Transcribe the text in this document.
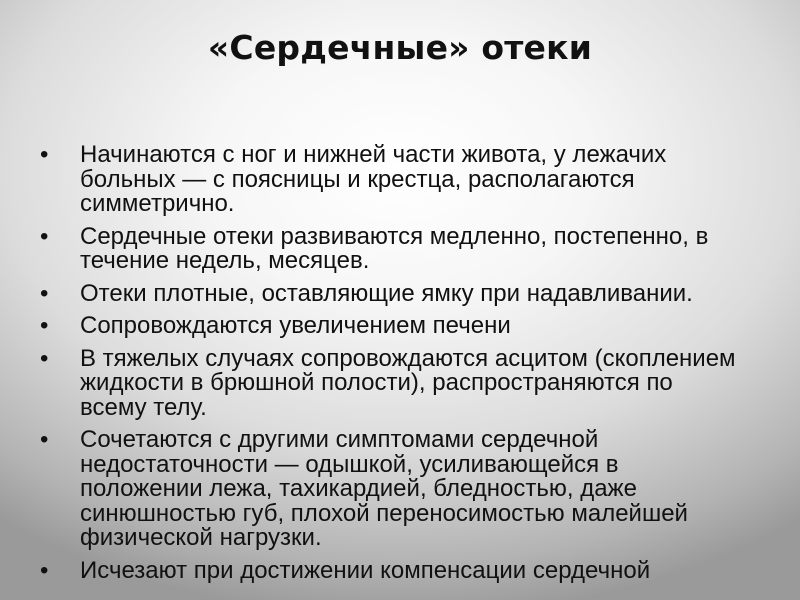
«Сердечные» отеки
•	Начинаются с ног и нижней части живота, у лежачих больных — с поясницы и крестца, располагаются симметрично.
•	Сердечные отеки развиваются медленно, постепенно, в течение недель, месяцев.
•	Отеки плотные, оставляющие ямку при надавливании.
•	Сопровождаются увеличением печени
•	В тяжелых случаях сопровождаются асцитом (скоплением жидкости в брюшной полости), распространяются по всему телу.
•	Сочетаются с другими симптомами сердечной недостаточности — одышкой, усиливающейся в положении лежа, тахикардией, бледностью, даже синюшностью губ, плохой переносимостью малейшей физической нагрузки.
•	Исчезают при достижении компенсации сердечной
